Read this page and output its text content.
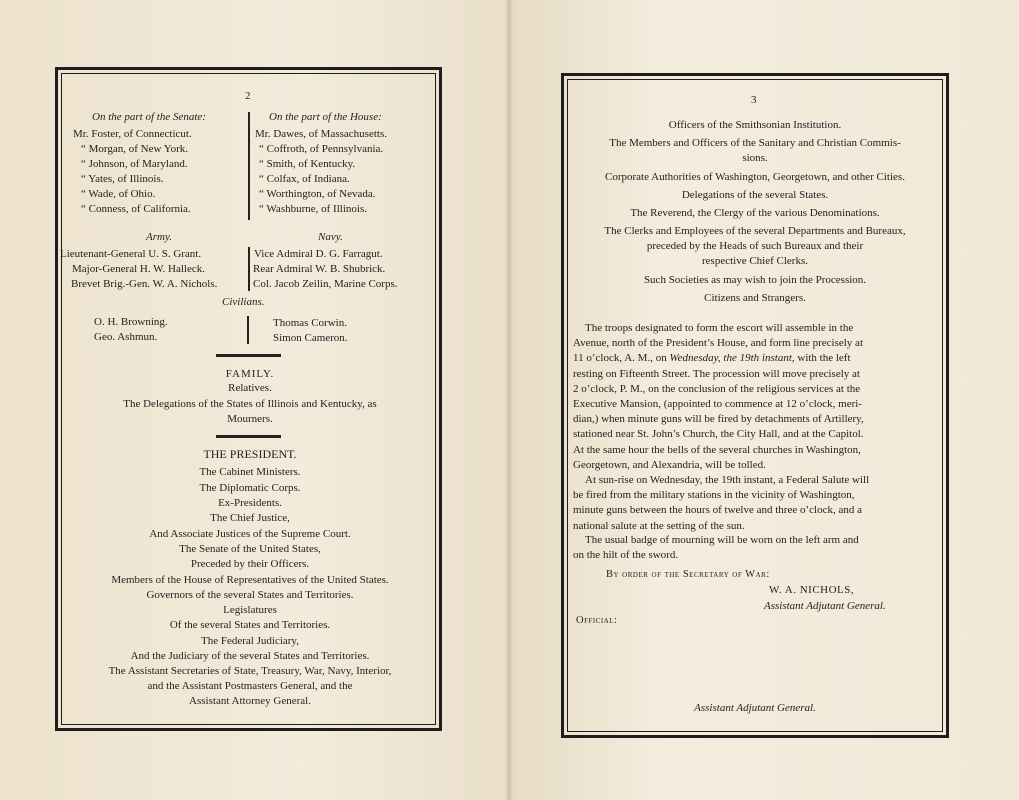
2
On the part of the Senate:	On the part of the House:
Mr. Foster, of Connecticut.
“ Morgan, of New York.
“ Johnson, of Maryland.
“ Yates, of Illinois.
“ Wade, of Ohio.
“ Conness, of California.
Mr. Dawes, of Massachusetts.
“ Coffroth, of Pennsylvania.
“ Smith, of Kentucky.
“ Colfax, of Indiana.
“ Worthington, of Nevada.
“ Washburne, of Illinois.
Army.	Navy.
Lieutenant-General U. S. Grant.
Major-General H. W. Halleck.
Brevet Brig.-Gen. W. A. Nichols.
Vice Admiral D. G. Farragut.
Rear Admiral W. B. Shubrick.
Col. Jacob Zeilin, Marine Corps.
Civilians.
O. H. Browning.
Geo. Ashmun.
Thomas Corwin.
Simon Cameron.
FAMILY.
Relatives.
The Delegations of the States of Illinois and Kentucky, as
Mourners.
THE PRESIDENT.
The Cabinet Ministers.
The Diplomatic Corps.
Ex-Presidents.
The Chief Justice,
And Associate Justices of the Supreme Court.
The Senate of the United States,
Preceded by their Officers.
Members of the House of Representatives of the United States.
Governors of the several States and Territories.
Legislatures
Of the several States and Territories.
The Federal Judiciary,
And the Judiciary of the several States and Territories.
The Assistant Secretaries of State, Treasury, War, Navy, Interior,
and the Assistant Postmasters General, and the
Assistant Attorney General.
3
Officers of the Smithsonian Institution.
The Members and Officers of the Sanitary and Christian Commis-
sions.
Corporate Authorities of Washington, Georgetown, and other Cities.
Delegations of the several States.
The Reverend, the Clergy of the various Denominations.
The Clerks and Employees of the several Departments and Bureaux,
preceded by the Heads of such Bureaux and their
respective Chief Clerks.
Such Societies as may wish to join the Procession.
Citizens and Strangers.
The troops designated to form the escort will assemble in the
Avenue, north of the President’s House, and form line precisely at
11 o’clock, A. M., on Wednesday, the 19th instant, with the left
resting on Fifteenth Street. The procession will move precisely at
2 o’clock, P. M., on the conclusion of the religious services at the
Executive Mansion, (appointed to commence at 12 o’clock, meri-
dian,) when minute guns will be fired by detachments of Artillery,
stationed near St. John’s Church, the City Hall, and at the Capitol.
At the same hour the bells of the several churches in Washington,
Georgetown, and Alexandria, will be tolled.
At sun-rise on Wednesday, the 19th instant, a Federal Salute will
be fired from the military stations in the vicinity of Washington,
minute guns between the hours of twelve and three o’clock, and a
national salute at the setting of the sun.
The usual badge of mourning will be worn on the left arm and
on the hilt of the sword.
By order of the Secretary of War:
W. A. NICHOLS,
Assistant Adjutant General.
Official:
Assistant Adjutant General.
